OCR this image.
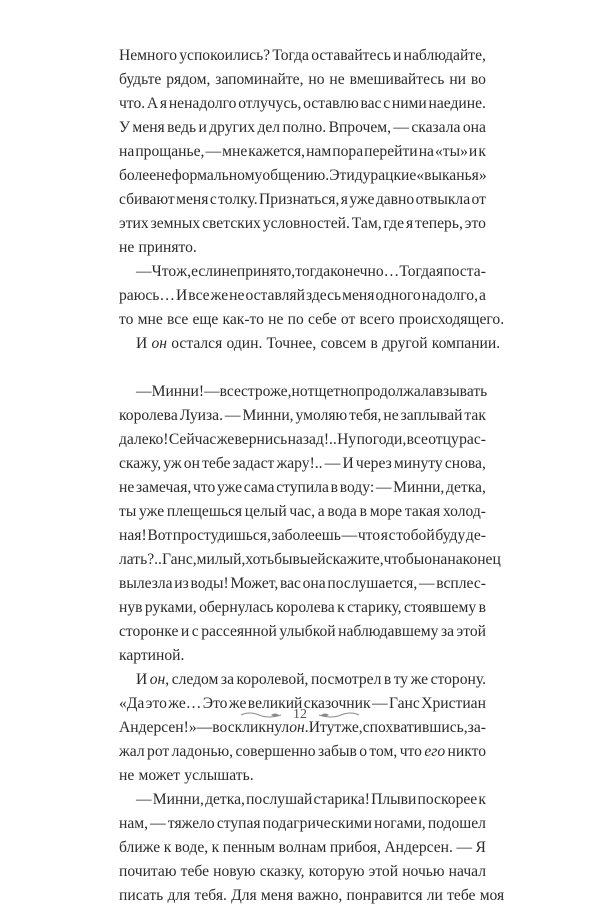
Немного успокоились? Тогда оставайтесь и наблюдайте,
будьте рядом, запоминайте, но не вмешивайтесь ни во
что. А я ненадолго отлучусь, оставлю вас с ними наедине.
У меня ведь и других дел полно. Впрочем, — сказала она
на прощанье, — мне кажется, нам пора перейти на «ты» и к
более неформальному общению. Эти дурацкие «выканья»
сбивают меня с толку. Признаться, я уже давно отвыкла от
этих земных светских условностей. Там, где я теперь, это
не принято.
— Что ж, если не принято, тогда конечно… Тогда я поста-
раюсь… И все же не оставляй здесь меня одного надолго, а
то мне все еще как-то не по себе от всего происходящего.
И он остался один. Точнее, совсем в другой компании.
— Минни! — все строже, но тщетно продолжала взывать
королева Луиза. — Минни, умоляю тебя, не заплывай так
далеко! Сейчас же вернись назад!.. Ну погоди, все отцу рас-
скажу, уж он тебе задаст жару!.. — И через минуту снова,
не замечая, что уже сама ступила в воду: — Минни, детка,
ты уже плещешься целый час, а вода в море такая холод-
ная! Вот простудишься, заболеешь — что я с тобой буду де-
лать?.. Ганс, милый, хоть бы вы ей скажите, чтобы она наконец
вылезла из воды! Может, вас она послушается, — всплес-
нув руками, обернулась королева к старику, стоявшему в
сторонке и с рассеянной улыбкой наблюдавшему за этой
картиной.
И он, следом за королевой, посмотрел в ту же сторону.
«Да это же… Это же великий сказочник — Ганс Христиан
Андерсен!» — воскликнул он. И тут же, спохватившись, за-
жал рот ладонью, совершенно забыв о том, что его никто
не может услышать.
— Минни, детка, послушай старика! Плыви поскорее к
нам, — тяжело ступая подагрическими ногами, подошел
ближе к воде, к пенным волнам прибоя, Андерсен. — Я
почитаю тебе новую сказку, которую этой ночью начал
писать для тебя. Для меня важно, понравится ли тебе моя
12
